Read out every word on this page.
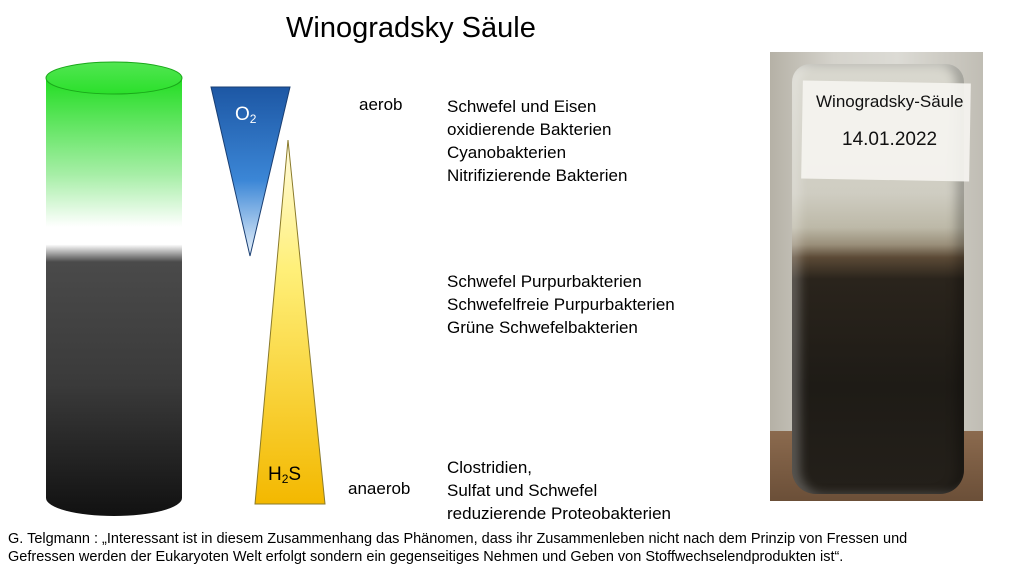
Winogradsky Säule
$O_2$
$H_2S$
aerob
anaerob
Schwefel und Eisen
oxidierende Bakterien
Cyanobakterien
Nitrifizierende Bakterien
Schwefel Purpurbakterien
Schwefelfreie Purpurbakterien
Grüne Schwefelbakterien
Clostridien,
Sulfat und Schwefel
reduzierende Proteobakterien
Winogradsky-Säule
14.01.2022
G. Telgmann : „Interessant ist in diesem Zusammenhang das Phänomen, dass ihr Zusammenleben nicht nach dem Prinzip von Fressen und
Gefressen werden der Eukaryoten Welt erfolgt sondern ein gegenseitiges Nehmen und Geben von Stoffwechselendprodukten ist“.
